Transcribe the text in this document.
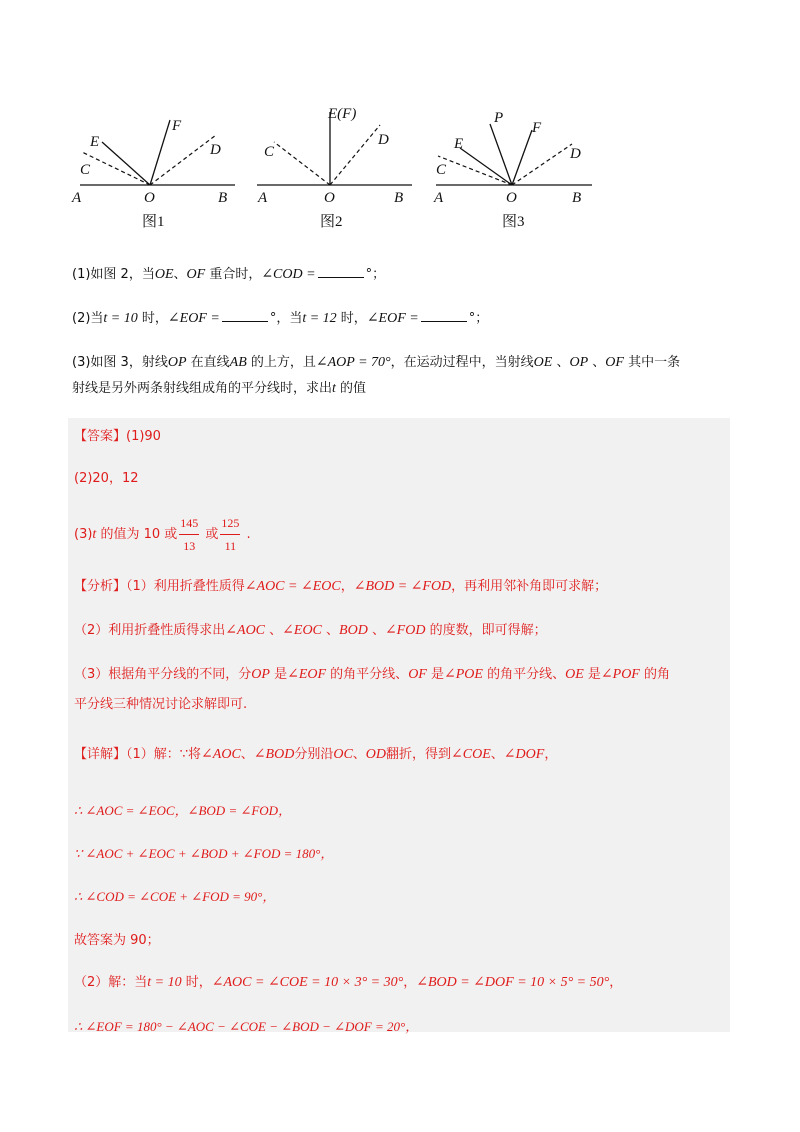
A	O	B
C
E
F
D
图1
A	O	B
C
E(F)
D
图2
A	O	B
C
E
P
F
D
图3
(1)如图 2，当OE、OF 重合时，∠COD =	°；
(2)当t = 10 时，∠EOF =	°，当t = 12 时，∠EOF =	°；
(3)如图 3，射线OP 在直线AB 的上方，且∠AOP = 70°，在运动过程中，当射线OE 、OP 、OF 其中一条
射线是另外两条射线组成角的平分线时，求出t 的值
【答案】(1)90
(2)20，12
(3)t 的值为 10 或 $\frac{145}{13}$ 或 $\frac{125}{11}$ .
【分析】（1）利用折叠性质得∠AOC = ∠EOC，∠BOD = ∠FOD，再利用邻补角即可求解；
（2）利用折叠性质得求出∠AOC 、∠EOC 、BOD 、∠FOD 的度数，即可得解；
（3）根据角平分线的不同，分OP 是∠EOF 的角平分线、OF 是∠POE 的角平分线、OE 是∠POF 的角
平分线三种情况讨论求解即可.
【详解】（1）解：∵将∠AOC、∠BOD分别沿OC、OD翻折，得到∠COE、∠DOF，
∴ ∠AOC = ∠EOC，∠BOD = ∠FOD，
∵ ∠AOC + ∠EOC + ∠BOD + ∠FOD = 180°，
∴ ∠COD = ∠COE + ∠FOD = 90°，
故答案为 90；
（2）解：当t = 10 时，∠AOC = ∠COE = 10 × 3° = 30°，∠BOD = ∠DOF = 10 × 5° = 50°，
∴ ∠EOF = 180° − ∠AOC − ∠COE − ∠BOD − ∠DOF = 20°，
